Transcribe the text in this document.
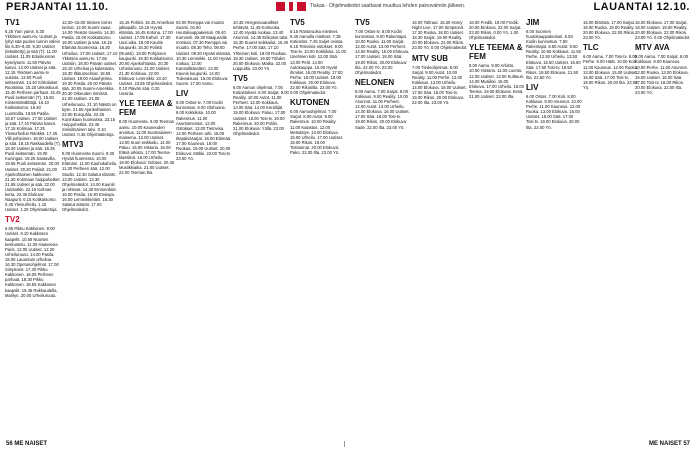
PERJANTAI 11.10.	Tiskaa · Ohjelmatiedot saattavat muuttua lehden painovalmiin jälkeen.	LAUANTAI 12.10.

TV1

6.25 Yam yams. 6.30 Ykkösen aamu-tv. Uutiset ja lyhyt sää puolen tunnin välein klo 6.30–9.30. 9.30 Uutiset (tekstitetty) ja sää (T). 11.00 Uutiset. 11.05 Eduskunnan kyselytunti. 11.50 Päivän kasvo. 12.00 Uutiset ja sää. 12.15 Ykkösen aamu-tv uusinta. 13.50 Puoli seitsemän. 14.40 Siirtolaiset Ruotsissa. 15.20 Ukkoskuuri. 15.40 Perheen parhaat. 15.45 Puoli seitsemän (T). 15.50 Kiinteistövälittäjä. 16.10 Kotikatsomo. 16.40 Luontoilta. 16.55 Pasila. 16.57 Uutiset. 17.00 Uutiset ja sää. 17.10 Päivän kasvo. 17.15 Kotimaa. 17.25 Yleisurheilun Ränkkä. 17.45 Villi pohjoinen. 18.00 Uutiset ja sää. 18.15 Rakkaudella (T). 18.30 Uutiset ja sää. 18.35 Puoli seitsemän. 19.00 Kuningas. 19.25 Saatavilla. 19.55 Puoli seitsemän. 20.00 Uutiset. 20.30 Poliisit. 21.00 Ajankohtainen kakkonen. 21.30 Kotimaan huippuhetket. 21.55 Uutiset ja sää. 22.00 Uutisarkki. 22.15 Kolmas kerta. 22.45 Elokuva: Naapurit. 0.15 Kotikatsomo. 0.45 Yleisurheilu. 1.15 Uutiset. 1.20 Ohjelmatietoja.

TV2

6.55 Pikku Kakkonen. 9.00 Uutiset. 9.10 Kakkosen kaapelit. 10.50 Nuorten keskustelu. 11.30 Haaveena Paris. 12.05 Uutiset. 12.20 Urheiluruutu. 14.00 Pasila. 15.00 Lauantain urheilua. 16.30 Opetusohjelmat. 17.00 Simpsonit. 17.30 Pikku Kakkonen. 18.05 Perheen parhaat. 18.30 Pikku Kakkonen. 18.55 Kakkosen kaapelit. 19.45 Rakkaudella, Marilyn. 20.00 Urheiluruutu.

12.00–15.00 Sinisen tornin tarinat. 13.00 Suomi saavi. 14.00 Yleisön toiveita. 14.30 Pasila. 15.00 Kotikatsomo. 16.00 Uutiset ja sää. 16.15 Elämää Suomessa. 16.30 Urheilua. 17.00 Uutiset. 17.10 Ykkösen aamu-tv. 17.55 Uutisiin. 18.00 Päivän uutiset. 18.10 Urheilua ja kalastusta. 18.30 Iltatunnelmat. 18.55 Uutiset. 19.00 Asiaohjelma. 19.30 Pasila. 20.00 Päivän sää. 20.05 Suomi-Amerikka. 20.30 Oikeuden nimissä. 21.00 Uutiset. 21.05 Urheiluruutu. 21.10 Näistä on kyse. 21.55 Ajankohtainen. 22.00 Eurojuhla. 22.25 Kuninkaan huomassa. 23.15 Huippuhetkiä. 23.45 Sinisilmäinen talvi. 0.10 Uutiset. 0.35 Ohjelmatietoja.

MTV3

5.00 Huomenta Suomi. 9.30 Hyvää huomenta. 10.00 Elämäni. 11.00 Kauhukahvila. 11.30 Perheen sää. 12.00 Studio. 12.30 Salatut elämät. 13.00 Uutiset. 13.30 Ohjelmatiedot. 14.00 Kauniit ja rohkeat. 14.30 Emmerdale. 15.00 Pasila. 15.30 Ensiapu. 16.00 Lemmikkieläin. 16.30 Salatut elämät. 17.00 Ohjelmatiedot.

15.15 Poliisit. 15.45 Amerikan jalkapallo. 16.15 Hyvää elämää. 16.45 Kotona. 17.00 Uutiset. 17.05 Kahvit. 17.30 Uusi aika. 18.00 Kaunis kaupunki. 18.30 Poliisit (Ruotsi). 19.00 Pohjoisen kaupunki. 19.30 Kotikatsomo. 20.00 Ajankohtaista. 20.30 Urheiluruutu. 21.00 Uutiset. 21.30 Kotimaa. 22.00 Elokuva: Lemmikki. 23.40 Uutiset. 23.55 Ohjelmatiedot. 0.10 Päivän sää. 0.20 Uusinta.

YLE TEEMA & FEM

8.00 Huomenta. 9.00 Teeman aamu. 10.00 Kauneuden arvoitus. 11.00 Suomalainen maisema. 12.00 Uutiset. 13.00 Suuri seikkailu. 14.00 Paluu. 15.00 Historia. 16.00 Elävä arkisto. 17.00 Teema-klassikot. 18.00 Urheilu. 19.00 Elokuva: Odotus. 20.45 Musiikkiaika. 21.00 Uutiset. 22.00 Teeman ilta.

04.00 Remppa vai muutto Suomi. 04.50 Huutokauppakeisari. 05.40 Kummeli. 06.30 Maajussille morsian. 07.30 Remppa vai muutto. 08.30 Teho. 09.00 Uutiset. 09.30 Hyvää elämää. 10.30 Lemmikki. 11.00 Hyvää ruokaa. 12.00 Kansallisteatteri. 13.00 Kaunis kaupunki. 14.00 Tulevaisuus. 15.00 Elokuva: Suomi. 17.00 Aamu.

LIV

6.00 Ostos-tv. 7.00 Kodin kunnostus. 8.00 Olohuone. 9.00 Kokkikisa. 10.00 Rakennus. 11.00 Asuntomessut. 12.00 Ostokset. 13.00 Tietovisa. 14.00 Perheen arki. 15.00 Iltapäiväsarjat. 16.00 Elämää. 17.00 Kauneus. 18.00 Ruokaa. 19.00 Uutiset. 20.00 Elokuva: Mökki. 22.00 Tosi-tv. 23.00 Yö.

10.45 Hengenvaaralliset tehtävät. 11.45 Kotiruoka. 12.40 Hyvää ruokaa. 13.40 Asunnot. 14.35 Erikoiset talot. 15.30 Suuret seikkailut. 16.30 Perhe. 17.00 Sää. 17.10 Yhteinen koti. 18.00 Ruokaa. 18.30 Uutiset. 19.00 Tähdet. 20.00 Elokuva: Matka. 22.00 Loppuilta. 23.00 Yö.

TV5

6.00 Aamun ohjelmat. 7.00 Kotiostokset. 8.00 Sarjat. 9.00 Reality. 10.00 Autot. 11.00 Perheet. 12.00 Kokkaus. 13.00 Sää. 14.00 Keräilijät. 15.00 Elokuva: Paluu. 17.00 Uutiset. 18.00 Tosi-tv. 19.00 Rakennus. 20.00 Poliisi. 21.00 Elokuva: Yöllä. 23.00 Ohjelmatiedot.

TV5

6.15 Rantaruoka mietteet. 6.40 Aamulla mietteet. 7.35 Kotiostos. 7.45 Suljet ovissa. 8.15 Televisio-ostokset. 9.00 Tosi-tv. 10.00 Kokkikisa. 11.00 Unelmien koti. 12.00 Sää. 13.00 Pelit. 14.00 Autokauppa. 15.00 Hyvät ihmiset. 16.00 Reality. 17.00 Perhe. 18.00 Uutiset. 19.00 Kokkaus. 20.00 Elokuva. 22.00 Rikosilta. 23.00 Yö. 0.00 Ohjelmatiedot.

KUTONEN

6.00 Aamuohjelmat. 7.00 Sarjat. 8.00 Autot. 9.00 Rakennus. 10.00 Reality. 11.00 Kalastus. 12.00 Metsästys. 13.00 Elokuva. 15.00 Urheilu. 17.00 Uutiset. 18.00 Rikos. 19.00 Tositarinat. 20.00 Elokuva: Pako. 22.00 Ilta. 23.00 Yö.

TV5

7.00 Ostos-tv. 8.00 Kodin kunnostus. 9.00 Rakentajat. 10.00 Ruoka. 11.00 Sarjat. 12.00 Autot. 13.00 Perheet. 14.00 Reality. 15.00 Elokuva. 17.00 Uutiset. 18.00 Sää. 19.00 Rikos. 20.00 Elokuva: Ilta. 22.00 Yö. 23.00 Ohjelmatiedot.

NELONEN

6.00 Aamu. 7.00 Sarjat. 8.00 Kokkaus. 9.00 Reality. 10.00 Asunnot. 11.00 Perheet. 12.00 Autot. 13.00 Urheilu. 14.00 Elokuva. 16.00 Uutiset. 17.00 Sää. 18.00 Tosi-tv. 19.00 Rikos. 20.00 Elokuva: Sade. 22.00 Ilta. 23.00 Yö.

16.00 Tahraut. 16.30 Homy Night Live. 17.00 Simpsonit. 17.30 Ruoka. 18.00 Uutiset. 18.30 Sarjat. 19.00 Reality. 20.00 Elokuva. 22.00 Rikos. 23.00 Yö. 0.00 Ohjelmatiedot.

MTV SUB

7.00 Tiedeohjelmat. 8.00 Sarjat. 9.00 Autot. 10.00 Reality. 11.00 Perhe. 12.00 Kokkaus. 13.00 Urheilu. 14.00 Elokuva. 16.00 Uutiset. 17.00 Sää. 18.00 Tosi-tv. 19.00 Rikos. 20.00 Elokuva. 22.00 Ilta. 23.00 Yö.

18.00 Fredik. 19.00 Fredik. 20.00 Elokuva. 22.00 Sarjat. 23.00 Rikos. 0.00 Yö. 1.00 Ohjelmatiedot.

YLE TEEMA & FEM

8.00 Aamu. 9.00 Arkisto. 10.00 Historia. 11.00 Luonto. 12.00 Uutiset. 13.00 Kulttuuri. 14.00 Musiikki. 15.00 Elokuva. 17.00 Urheilu. 18.00 Teema. 19.00 Elokuva: Kesä. 21.00 Uutiset. 22.00 Ilta.

JIM

6.00 Suomen huutokauppakeisari. 6.50 Kodin kunnostus. 7.50 Rakentajat. 8.50 Autot. 9.50 Reality. 10.50 Kokkaus. 11.50 Perhe. 12.50 Urheilu. 13.50 Elokuva. 15.50 Uutiset. 16.50 Sää. 17.50 Tosi-tv. 18.50 Rikos. 19.50 Elokuva. 21.50 Ilta. 22.50 Yö.

LIV

6.00 Ostos. 7.00 Koti. 8.00 Kokkaus. 9.00 Asunnot. 10.00 Perhe. 11.00 Kauneus. 12.00 Ruoka. 13.00 Elokuva. 15.00 Uutiset. 16.00 Sää. 17.00 Tosi-tv. 18.00 Elokuva. 20.00 Ilta. 22.00 Yö.

16.00 Elämää. 17.00 Sarjat. 18.00 Ruoka. 19.00 Reality. 20.00 Elokuva. 22.00 Rikos. 23.00 Yö.

TLC

6.00 Aamu. 7.00 Tosi-tv. 8.00 Perhe. 9.00 Häät. 10.00 Koti. 11.00 Kauneus. 12.00 Ruoka. 13.00 Elokuva. 15.00 Uutiset. 16.00 Sää. 17.00 Tosi-tv. 18.00 Rikos. 20.00 Ilta. 22.00 Yö.

15.00 Elokuva. 17.00 Sarjat. 18.00 Uutiset. 19.00 Reality. 20.00 Elokuva. 22.00 Rikos. 23.00 Yö. 0.00 Ohjelmatiedot.

MTV AVA

6.00 Aamu. 7.00 Sarjat. 8.00 Kokkaus. 9.00 Kauneus. 10.00 Perhe. 11.00 Asunnot. 12.00 Ruoka. 13.00 Elokuva. 15.00 Uutiset. 16.00 Sää. 17.00 Tosi-tv. 18.00 Rikos. 20.00 Elokuva. 22.00 Ilta. 23.00 Yö.

56 ME NAISET	ME NAISET 57
